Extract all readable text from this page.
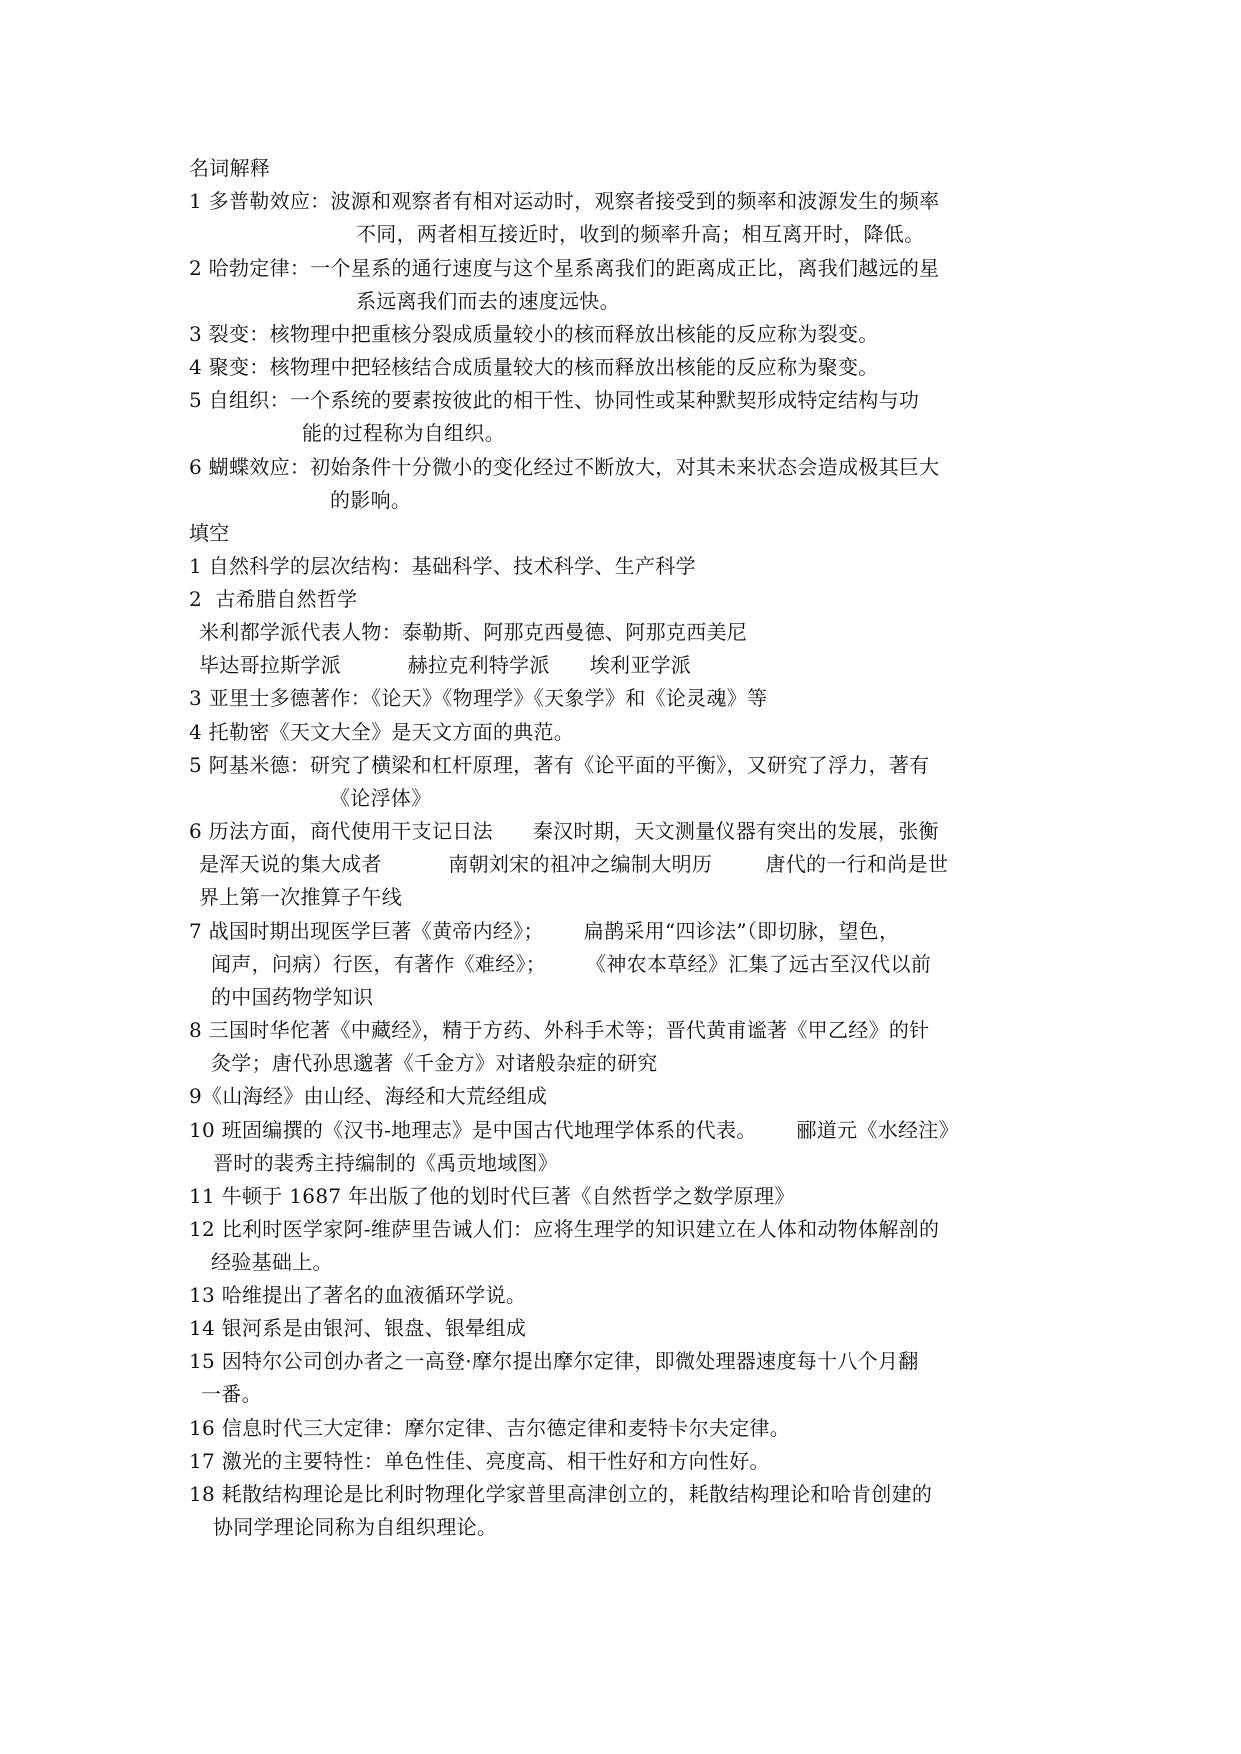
名词解释
1 多普勒效应：波源和观察者有相对运动时，观察者接受到的频率和波源发生的频率
不同，两者相互接近时，收到的频率升高；相互离开时，降低。
2 哈勃定律：一个星系的通行速度与这个星系离我们的距离成正比，离我们越远的星
系远离我们而去的速度远快。
3 裂变：核物理中把重核分裂成质量较小的核而释放出核能的反应称为裂变。
4 聚变：核物理中把轻核结合成质量较大的核而释放出核能的反应称为聚变。
5 自组织：一个系统的要素按彼此的相干性、协同性或某种默契形成特定结构与功
能的过程称为自组织。
6 蝴蝶效应：初始条件十分微小的变化经过不断放大，对其未来状态会造成极其巨大
的影响。
填空
1 自然科学的层次结构：基础科学、技术科学、生产科学
2  古希腊自然哲学
米利都学派代表人物：泰勒斯、阿那克西曼德、阿那克西美尼
毕达哥拉斯学派          赫拉克利特学派      埃利亚学派
3 亚里士多德著作：《论天》《物理学》《天象学》和《论灵魂》等
4 托勒密《天文大全》是天文方面的典范。
5 阿基米德：研究了横梁和杠杆原理，著有《论平面的平衡》，又研究了浮力，著有
《论浮体》
6 历法方面，商代使用干支记日法      秦汉时期，天文测量仪器有突出的发展，张衡
是浑天说的集大成者          南朝刘宋的祖冲之编制大明历        唐代的一行和尚是世
界上第一次推算子午线
7 战国时期出现医学巨著《黄帝内经》；      扁鹊采用“四诊法”（即切脉，望色，
闻声，问病）行医，有著作《难经》；      《神农本草经》汇集了远古至汉代以前
的中国药物学知识
8 三国时华佗著《中藏经》，精于方药、外科手术等；晋代黄甫谧著《甲乙经》的针
灸学；唐代孙思邈著《千金方》对诸般杂症的研究
9《山海经》由山经、海经和大荒经组成
10 班固编撰的《汉书-地理志》是中国古代地理学体系的代表。      郦道元《水经注》
晋时的裴秀主持编制的《禹贡地域图》
11 牛顿于 1687 年出版了他的划时代巨著《自然哲学之数学原理》
12 比利时医学家阿-维萨里告诫人们：应将生理学的知识建立在人体和动物体解剖的
经验基础上。
13 哈维提出了著名的血液循环学说。
14 银河系是由银河、银盘、银晕组成
15 因特尔公司创办者之一高登·摩尔提出摩尔定律，即微处理器速度每十八个月翻
一番。
16 信息时代三大定律：摩尔定律、吉尔德定律和麦特卡尔夫定律。
17 激光的主要特性：单色性佳、亮度高、相干性好和方向性好。
18 耗散结构理论是比利时物理化学家普里高津创立的，耗散结构理论和哈肯创建的
协同学理论同称为自组织理论。
